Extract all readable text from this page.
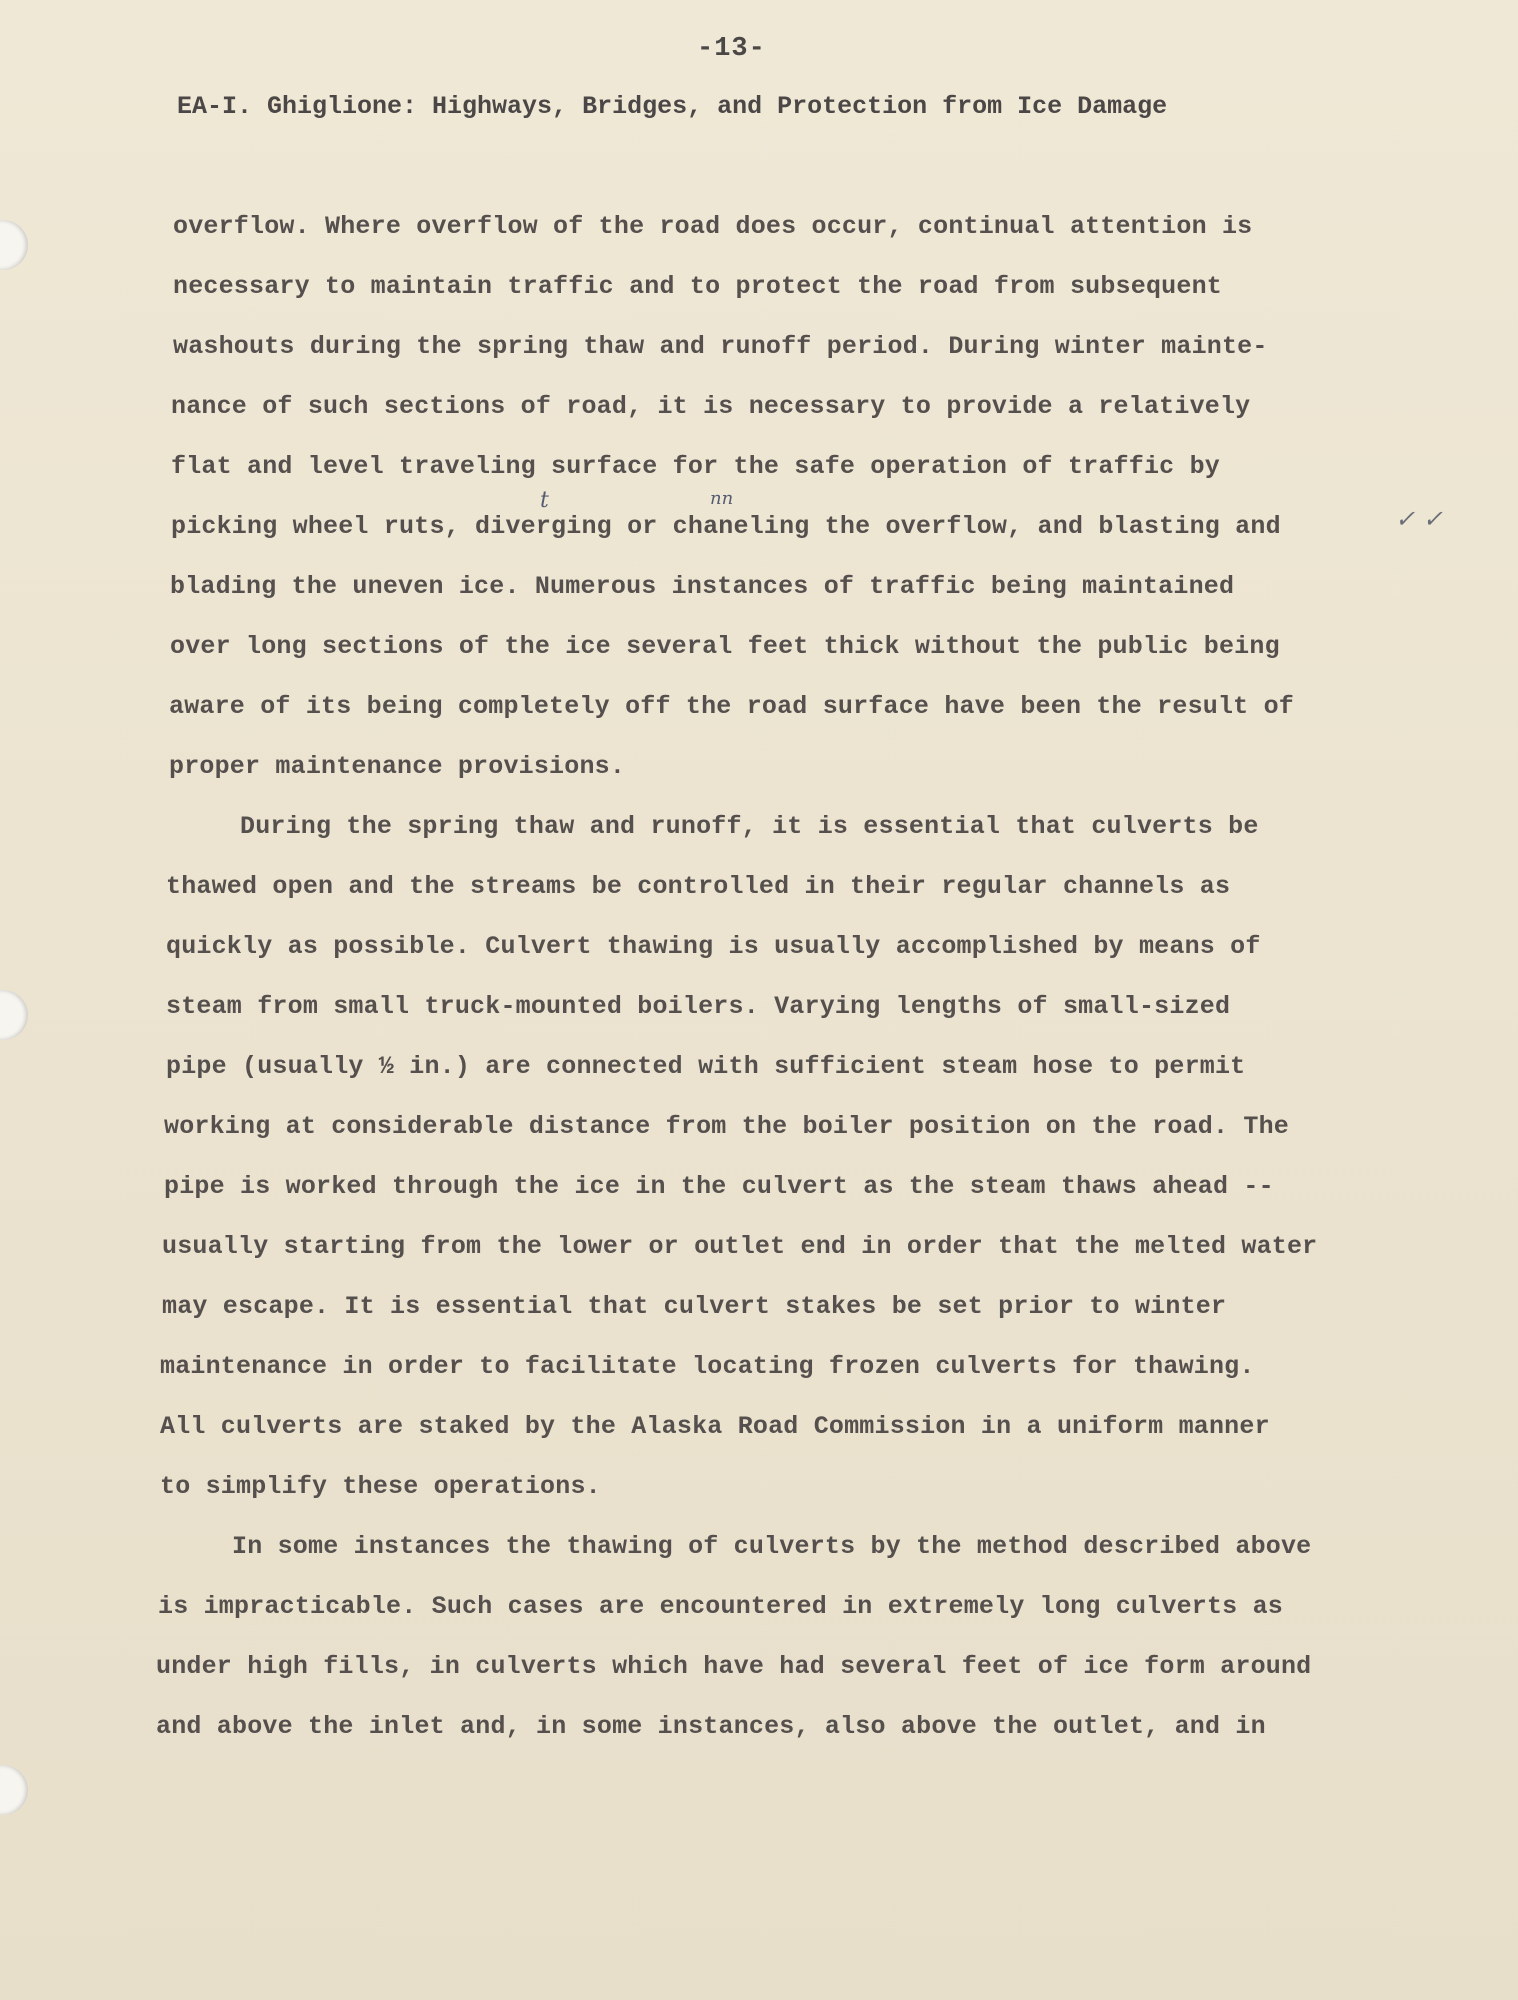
-13-
EA-I. Ghiglione: Highways, Bridges, and Protection from Ice Damage
overflow. Where overflow of the road does occur, continual attention is
necessary to maintain traffic and to protect the road from subsequent
washouts during the spring thaw and runoff period. During winter mainte-
nance of such sections of road, it is necessary to provide a relatively
flat and level traveling surface for the safe operation of traffic by
picking wheel ruts, diverging or chaneling the overflow, and blasting and
blading the uneven ice. Numerous instances of traffic being maintained
over long sections of the ice several feet thick without the public being
aware of its being completely off the road surface have been the result of
proper maintenance provisions.
During the spring thaw and runoff, it is essential that culverts be
thawed open and the streams be controlled in their regular channels as
quickly as possible. Culvert thawing is usually accomplished by means of
steam from small truck-mounted boilers. Varying lengths of small-sized
pipe (usually ½ in.) are connected with sufficient steam hose to permit
working at considerable distance from the boiler position on the road. The
pipe is worked through the ice in the culvert as the steam thaws ahead --
usually starting from the lower or outlet end in order that the melted water
may escape. It is essential that culvert stakes be set prior to winter
maintenance in order to facilitate locating frozen culverts for thawing.
All culverts are staked by the Alaska Road Commission in a uniform manner
to simplify these operations.
In some instances the thawing of culverts by the method described above
is impracticable. Such cases are encountered in extremely long culverts as
under high fills, in culverts which have had several feet of ice form around
and above the inlet and, in some instances, also above the outlet, and in
t	nn
✓ ✓
